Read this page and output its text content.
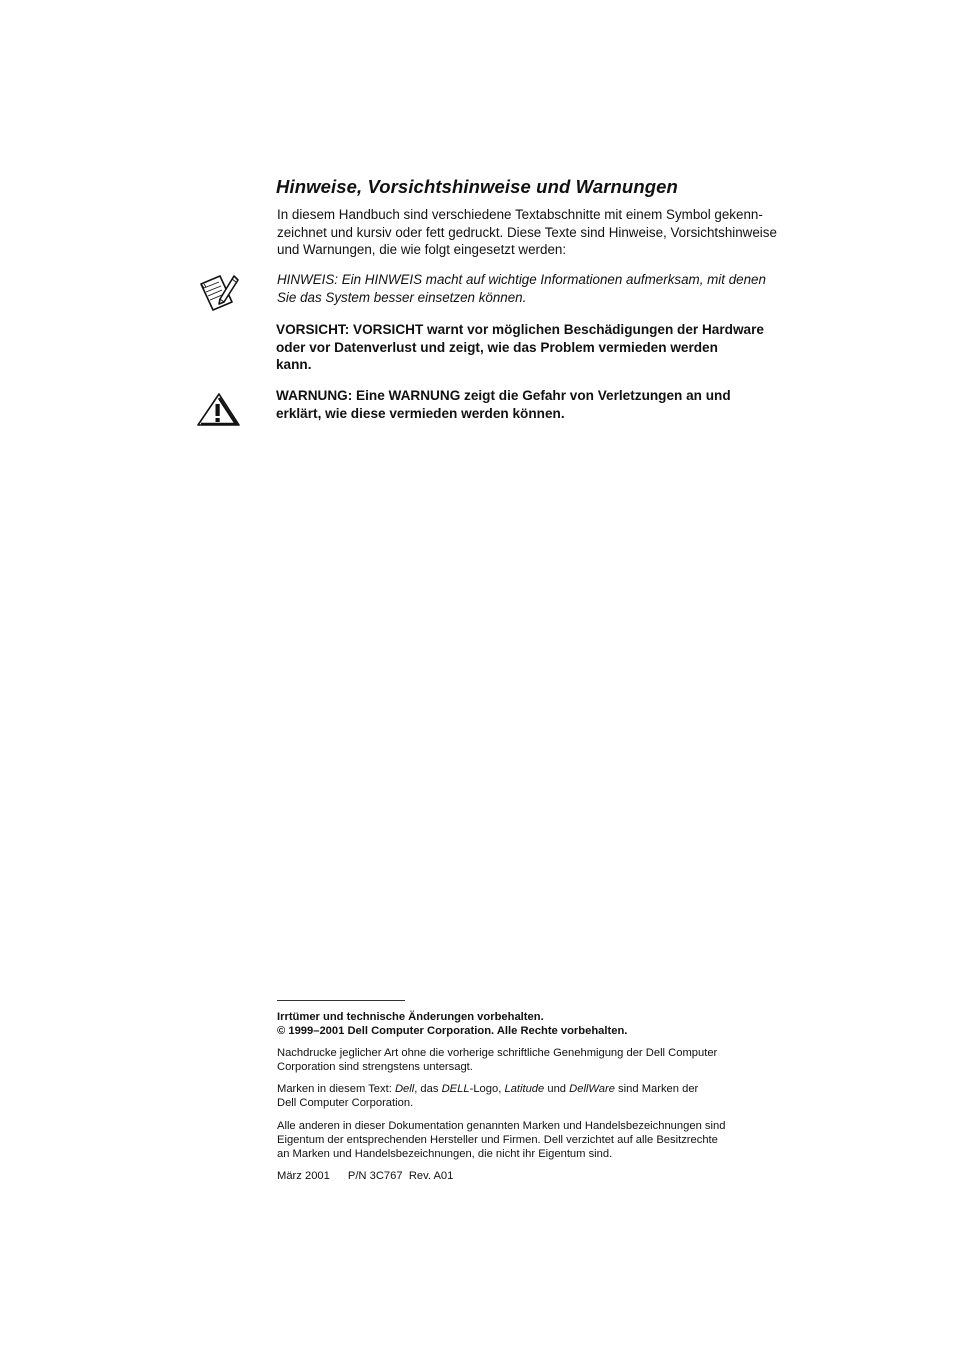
Hinweise, Vorsichtshinweise und Warnungen
In diesem Handbuch sind verschiedene Textabschnitte mit einem Symbol gekenn-
zeichnet und kursiv oder fett gedruckt. Diese Texte sind Hinweise, Vorsichtshinweise
und Warnungen, die wie folgt eingesetzt werden:
HINWEIS: Ein HINWEIS macht auf wichtige Informationen aufmerksam, mit denen
Sie das System besser einsetzen können.
VORSICHT: VORSICHT warnt vor möglichen Beschädigungen der Hardware
oder vor Datenverlust und zeigt, wie das Problem vermieden werden
kann.
WARNUNG: Eine WARNUNG zeigt die Gefahr von Verletzungen an und
erklärt, wie diese vermieden werden können.
Irrtümer und technische Änderungen vorbehalten.
© 1999–2001 Dell Computer Corporation. Alle Rechte vorbehalten.
Nachdrucke jeglicher Art ohne die vorherige schriftliche Genehmigung der Dell Computer
Corporation sind strengstens untersagt.
Marken in diesem Text: Dell, das DELL-Logo, Latitude und DellWare sind Marken der
Dell Computer Corporation.
Alle anderen in dieser Dokumentation genannten Marken und Handelsbezeichnungen sind
Eigentum der entsprechenden Hersteller und Firmen. Dell verzichtet auf alle Besitzrechte
an Marken und Handelsbezeichnungen, die nicht ihr Eigentum sind.
März 2001 P/N 3C767 Rev. A01
